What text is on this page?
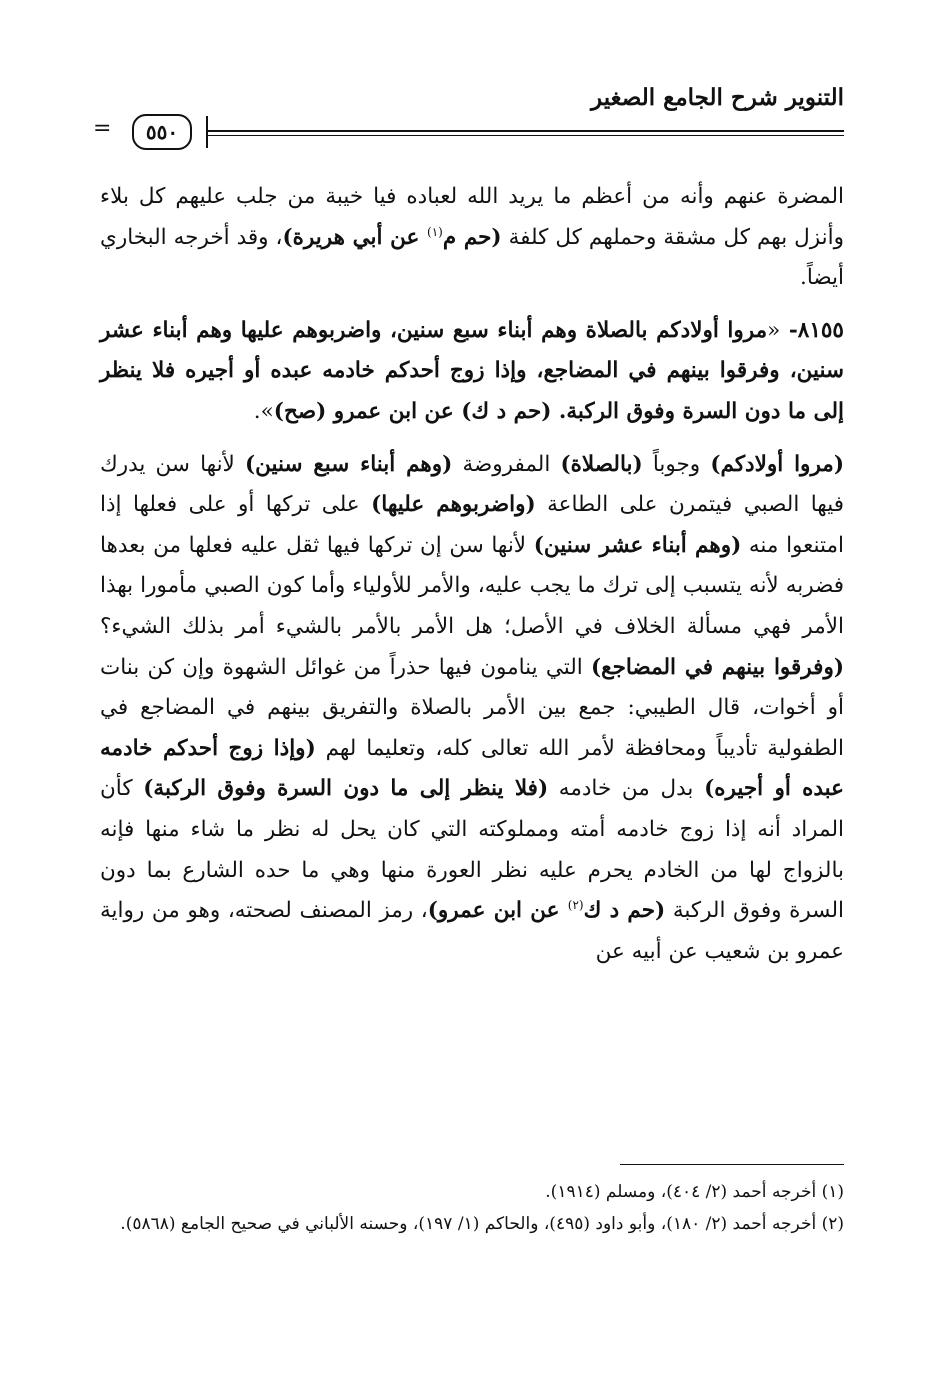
التنوير شرح الجامع الصغير
٥٥٠
=

المضرة عنهم وأنه من أعظم ما يريد الله لعباده فيا خيبة من جلب عليهم كل بلاء وأنزل بهم كل مشقة وحملهم كل كلفة (حم م$^{(١)}$ عن أبي هريرة)، وقد أخرجه البخاري أيضاً.

٨١٥٥- «مروا أولادكم بالصلاة وهم أبناء سبع سنين، واضربوهم عليها وهم أبناء عشر سنين، وفرقوا بينهم في المضاجع، وإذا زوج أحدكم خادمه عبده أو أجيره فلا ينظر إلى ما دون السرة وفوق الركبة. (حم د ك) عن ابن عمرو (صح)».

(مروا أولادكم) وجوباً (بالصلاة) المفروضة (وهم أبناء سبع سنين) لأنها سن يدرك فيها الصبي فيتمرن على الطاعة (واضربوهم عليها) على تركها أو على فعلها إذا امتنعوا منه (وهم أبناء عشر سنين) لأنها سن إن تركها فيها ثقل عليه فعلها من بعدها فضربه لأنه يتسبب إلى ترك ما يجب عليه، والأمر للأولياء وأما كون الصبي مأمورا بهذا الأمر فهي مسألة الخلاف في الأصل؛ هل الأمر بالأمر بالشيء أمر بذلك الشيء؟ (وفرقوا بينهم في المضاجع) التي ينامون فيها حذراً من غوائل الشهوة وإن كن بنات أو أخوات، قال الطيبي: جمع بين الأمر بالصلاة والتفريق بينهم في المضاجع في الطفولية تأديباً ومحافظة لأمر الله تعالى كله، وتعليما لهم (وإذا زوج أحدكم خادمه عبده أو أجيره) بدل من خادمه (فلا ينظر إلى ما دون السرة وفوق الركبة) كأن المراد أنه إذا زوج خادمه أمته ومملوكته التي كان يحل له نظر ما شاء منها فإنه بالزواج لها من الخادم يحرم عليه نظر العورة منها وهي ما حده الشارع بما دون السرة وفوق الركبة (حم د ك$^{(٢)}$ عن ابن عمرو)، رمز المصنف لصحته، وهو من رواية عمرو بن شعيب عن أبيه عن

(١) أخرجه أحمد (٢/ ٤٠٤)، ومسلم (١٩١٤).

(٢) أخرجه أحمد (٢/ ١٨٠)، وأبو داود (٤٩٥)، والحاكم (١/ ١٩٧)، وحسنه الألباني في صحيح الجامع (٥٨٦٨).
